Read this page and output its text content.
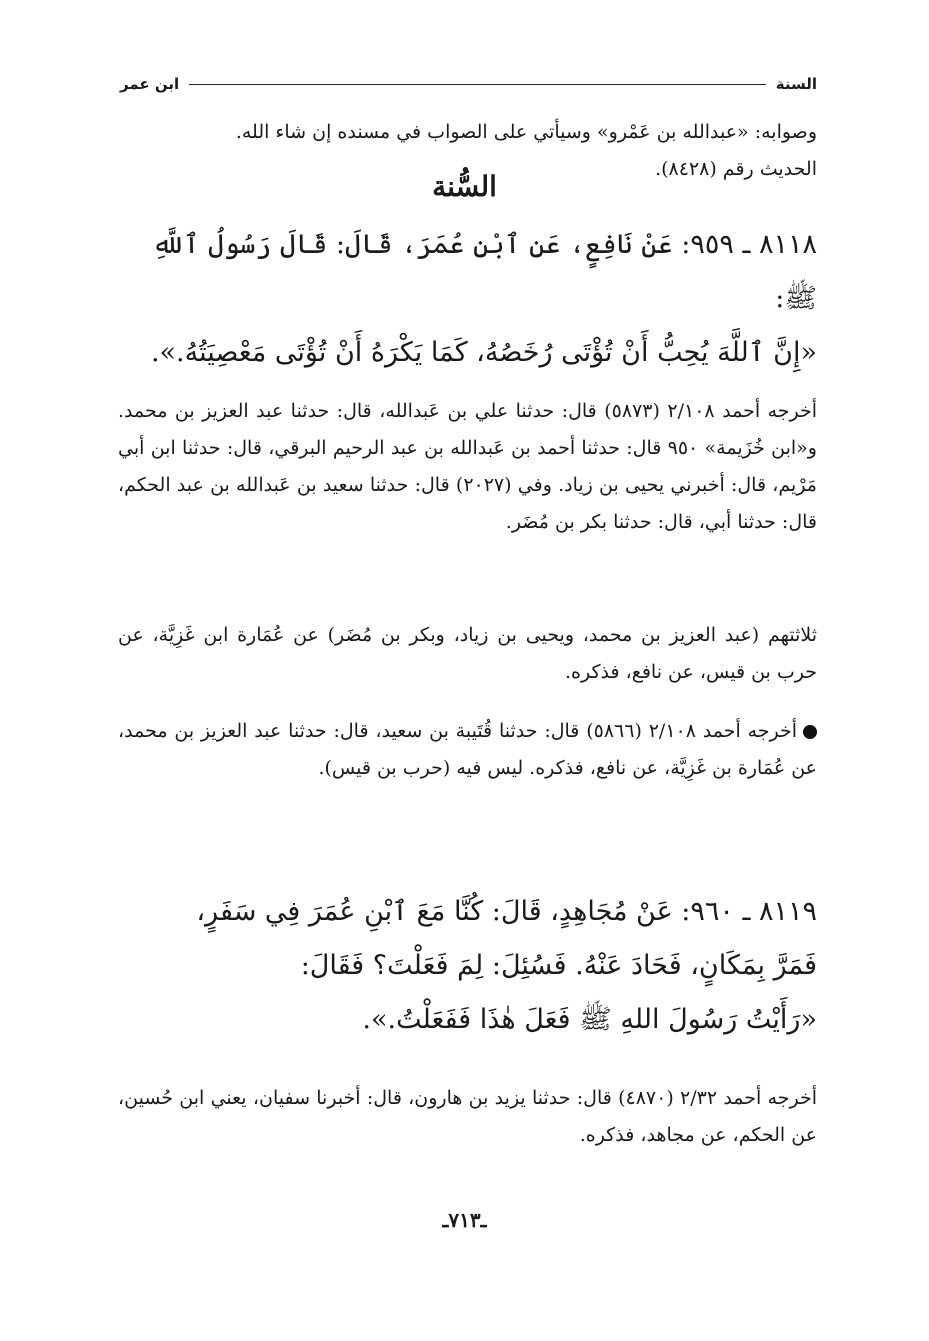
السنة
ابن عمر
وصوابه: «عبدالله بن عَمْرو» وسيأتي على الصواب في مسنده إن شاء الله.
الحديث رقم (٨٤٢٨).
السُّنة
٨١١٨ ـ ٩٥٩: عَنْ نَافِعٍ، عَنِ ٱبْنِ عُمَرَ، قَالَ: قَالَ رَسُولُ ٱللَّهِ
ﷺ:
«إِنَّ ٱللَّهَ يُحِبُّ أَنْ تُؤْتَى رُخَصُهُ، كَمَا يَكْرَهُ أَنْ تُؤْتَى مَعْصِيَتُهُ.».
أخرجه أحمد ٢/١٠٨ (٥٨٧٣) قال: حدثنا علي بن عَبدالله، قال: حدثنا عبد العزيز بن محمد. و«ابن خُزَيمة» ٩٥٠ قال: حدثنا أحمد بن عَبدالله بن عبد الرحيم البرقي، قال: حدثنا ابن أبي مَرْيم، قال: أخبرني يحيى بن زياد. وفي (٢٠٢٧) قال: حدثنا سعيد بن عَبدالله بن عبد الحكم، قال: حدثنا أبي، قال: حدثنا بكر بن مُضَر.
ثلاثتهم (عبد العزيز بن محمد، ويحيى بن زياد، وبكر بن مُضَر) عن عُمَارة ابن غَزِيَّة، عن حرب بن قيس، عن نافع، فذكره.
أخرجه أحمد ٢/١٠٨ (٥٨٦٦) قال: حدثنا قُتَيبة بن سعيد، قال: حدثنا عبد العزيز بن محمد، عن عُمَارة بن غَزِيَّة، عن نافع، فذكره. ليس فيه (حرب بن قيس).
٨١١٩ ـ ٩٦٠: عَنْ مُجَاهِدٍ، قَالَ: كُنَّا مَعَ ٱبْنِ عُمَرَ فِي سَفَرٍ،
فَمَرَّ بِمَكَانٍ، فَحَادَ عَنْهُ. فَسُئِلَ: لِمَ فَعَلْتَ؟ فَقَالَ:
«رَأَيْتُ رَسُولَ اللهِ ﷺ فَعَلَ هٰذَا فَفَعَلْتُ.».
أخرجه أحمد ٢/٣٢ (٤٨٧٠) قال: حدثنا يزيد بن هارون، قال: أخبرنا سفيان، يعني ابن حُسين، عن الحكم، عن مجاهد، فذكره.
ـ٧١٣ـ
